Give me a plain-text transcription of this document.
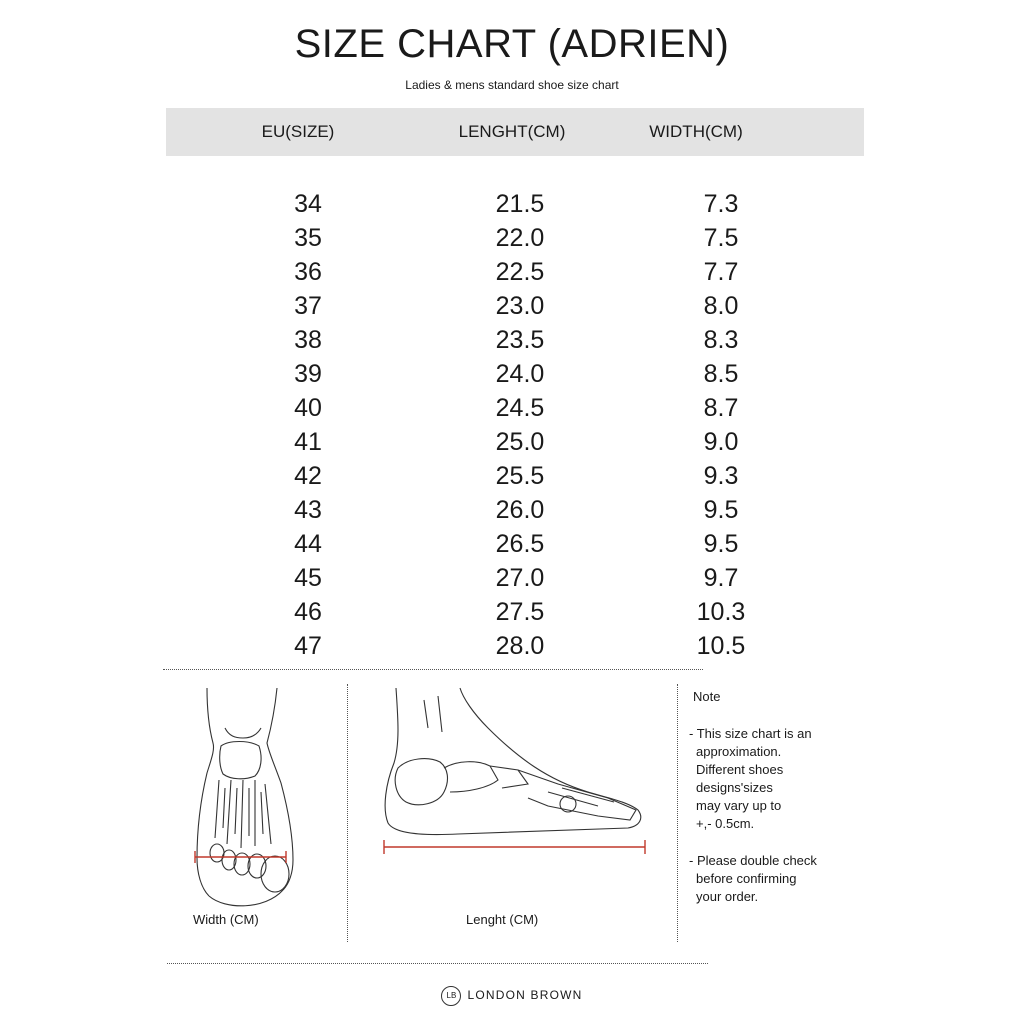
SIZE CHART (ADRIEN)
Ladies & mens standard shoe size chart
EU(SIZE)	LENGHT(CM)	WIDTH(CM)
34	21.5	7.3
35	22.0	7.5
36	22.5	7.7
37	23.0	8.0
38	23.5	8.3
39	24.0	8.5
40	24.5	8.7
41	25.0	9.0
42	25.5	9.3
43	26.0	9.5
44	26.5	9.5
45	27.0	9.7
46	27.5	10.3
47	28.0	10.5
Width (CM)	Lenght (CM)
Note
- This size chart is an
approximation.
Different shoes
designs'sizes
may vary up to
+,- 0.5cm.
- Please double check
before confirming
your order.
LB LONDON BROWN
